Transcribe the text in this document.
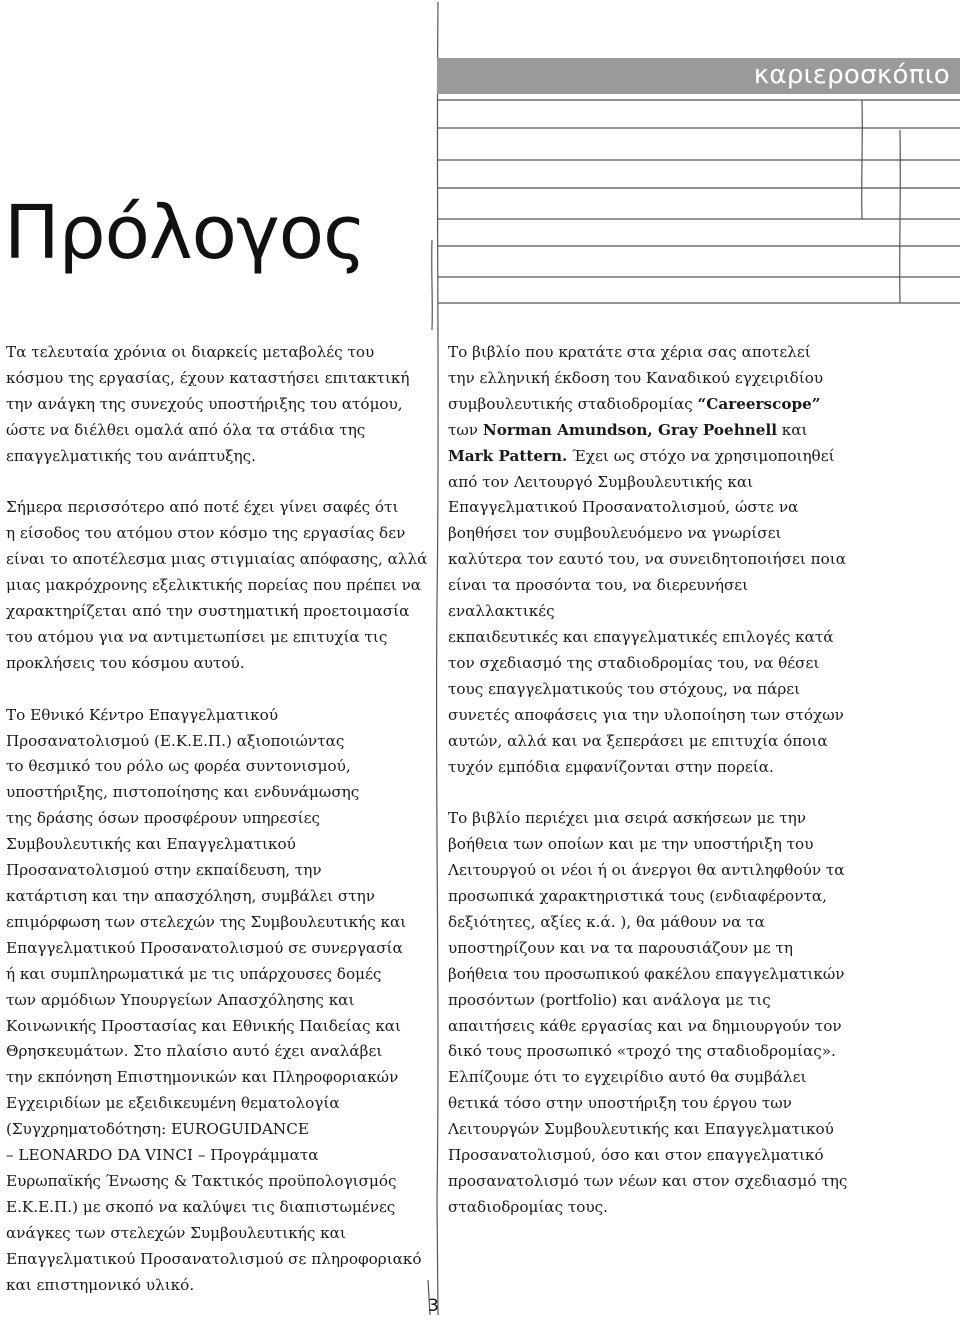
καριεροσκόπιο
Πρόλογος

Τα τελευταία χρόνια οι διαρκείς μεταβολές του
κόσμου της εργασίας, έχουν καταστήσει επιτακτική
την ανάγκη της συνεχούς υποστήριξης του ατόμου,
ώστε να διέλθει ομαλά από όλα τα στάδια της
επαγγελματικής του ανάπτυξης.

Σήμερα περισσότερο από ποτέ έχει γίνει σαφές ότι
η είσοδος του ατόμου στον κόσμο της εργασίας δεν
είναι το αποτέλεσμα μιας στιγμιαίας απόφασης, αλλά
μιας μακρόχρονης εξελικτικής πορείας που πρέπει να
χαρακτηρίζεται από την συστηματική προετοιμασία
του ατόμου για να αντιμετωπίσει με επιτυχία τις
προκλήσεις του κόσμου αυτού.

Το Εθνικό Κέντρο Επαγγελματικού
Προσανατολισμού (Ε.Κ.Ε.Π.) αξιοποιώντας
το θεσμικό του ρόλο ως φορέα συντονισμού,
υποστήριξης, πιστοποίησης και ενδυνάμωσης
της δράσης όσων προσφέρουν υπηρεσίες
Συμβουλευτικής και Επαγγελματικού
Προσανατολισμού στην εκπαίδευση, την
κατάρτιση και την απασχόληση, συμβάλει στην
επιμόρφωση των στελεχών της Συμβουλευτικής και
Επαγγελματικού Προσανατολισμού σε συνεργασία
ή και συμπληρωματικά με τις υπάρχουσες δομές
των αρμόδιων Υπουργείων Απασχόλησης και
Κοινωνικής Προστασίας και Εθνικής Παιδείας και
Θρησκευμάτων. Στο πλαίσιο αυτό έχει αναλάβει
την εκπόνηση Επιστημονικών και Πληροφοριακών
Εγχειριδίων με εξειδικευμένη θεματολογία
(Συγχρηματοδότηση: EUROGUIDANCE
– LEONARDO DA VINCI – Προγράμματα
Ευρωπαϊκής Ένωσης & Τακτικός προϋπολογισμός
Ε.Κ.Ε.Π.) με σκοπό να καλύψει τις διαπιστωμένες
ανάγκες των στελεχών Συμβουλευτικής και
Επαγγελματικού Προσανατολισμού σε πληροφοριακό
και επιστημονικό υλικό.

Το βιβλίο που κρατάτε στα χέρια σας αποτελεί
την ελληνική έκδοση του Καναδικού εγχειριδίου
συμβουλευτικής σταδιοδρομίας “Careerscope”
των Norman Amundson, Gray Poehnell και
Mark Pattern. Έχει ως στόχο να χρησιμοποιηθεί
από τον Λειτουργό Συμβουλευτικής και
Επαγγελματικού Προσανατολισμού, ώστε να
βοηθήσει τον συμβουλευόμενο να γνωρίσει
καλύτερα τον εαυτό του, να συνειδητοποιήσει ποια
είναι τα προσόντα του, να διερευνήσει εναλλακτικές
εκπαιδευτικές και επαγγελματικές επιλογές κατά
τον σχεδιασμό της σταδιοδρομίας του, να θέσει
τους επαγγελματικούς του στόχους, να πάρει
συνετές αποφάσεις για την υλοποίηση των στόχων
αυτών, αλλά και να ξεπεράσει με επιτυχία όποια
τυχόν εμπόδια εμφανίζονται στην πορεία.

Το βιβλίο περιέχει μια σειρά ασκήσεων με την
βοήθεια των οποίων και με την υποστήριξη του
Λειτουργού οι νέοι ή οι άνεργοι θα αντιληφθούν τα
προσωπικά χαρακτηριστικά τους (ενδιαφέροντα,
δεξιότητες, αξίες κ.ά. ), θα μάθουν να τα
υποστηρίζουν και να τα παρουσιάζουν με τη
βοήθεια του προσωπικού φακέλου επαγγελματικών
προσόντων (portfolio) και ανάλογα με τις
απαιτήσεις κάθε εργασίας και να δημιουργούν τον
δικό τους προσωπικό «τροχό της σταδιοδρομίας».
Ελπίζουμε ότι το εγχειρίδιο αυτό θα συμβάλει
θετικά τόσο στην υποστήριξη του έργου των
Λειτουργών Συμβουλευτικής και Επαγγελματικού
Προσανατολισμού, όσο και στον επαγγελματικό
προσανατολισμό των νέων και στον σχεδιασμό της
σταδιοδρομίας τους.

3
